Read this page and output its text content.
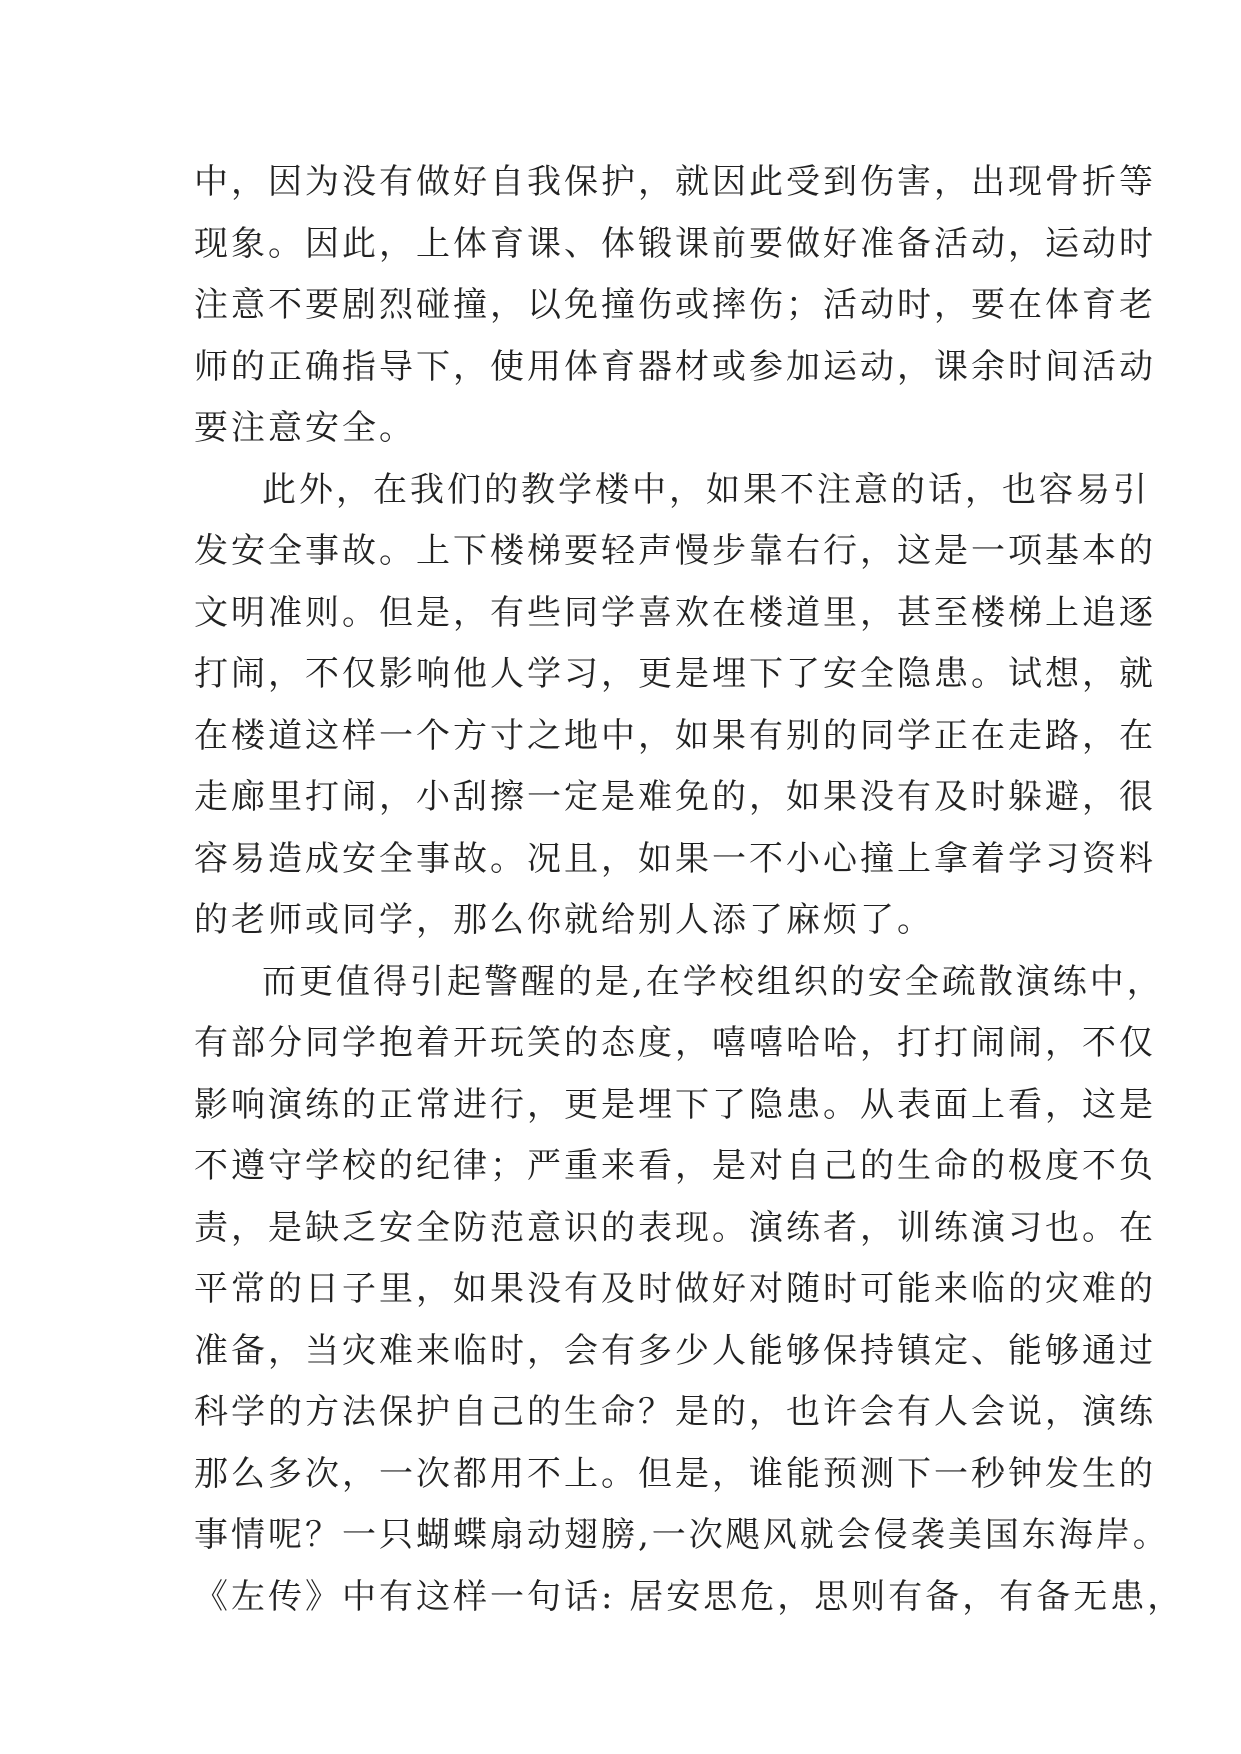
中，因为没有做好自我保护，就因此受到伤害，出现骨折等
现象。因此，上体育课、体锻课前要做好准备活动，运动时
注意不要剧烈碰撞，以免撞伤或摔伤；活动时，要在体育老
师的正确指导下，使用体育器材或参加运动，课余时间活动
要注意安全。
此外，在我们的教学楼中，如果不注意的话，也容易引
发安全事故。上下楼梯要轻声慢步靠右行，这是一项基本的
文明准则。但是，有些同学喜欢在楼道里，甚至楼梯上追逐
打闹，不仅影响他人学习，更是埋下了安全隐患。试想，就
在楼道这样一个方寸之地中，如果有别的同学正在走路，在
走廊里打闹，小刮擦一定是难免的，如果没有及时躲避，很
容易造成安全事故。况且，如果一不小心撞上拿着学习资料
的老师或同学，那么你就给别人添了麻烦了。
而更值得引起警醒的是,在学校组织的安全疏散演练中，
有部分同学抱着开玩笑的态度，嘻嘻哈哈，打打闹闹，不仅
影响演练的正常进行，更是埋下了隐患。从表面上看，这是
不遵守学校的纪律；严重来看，是对自己的生命的极度不负
责，是缺乏安全防范意识的表现。演练者，训练演习也。在
平常的日子里，如果没有及时做好对随时可能来临的灾难的
准备，当灾难来临时，会有多少人能够保持镇定、能够通过
科学的方法保护自己的生命？是的，也许会有人会说，演练
那么多次，一次都用不上。但是，谁能预测下一秒钟发生的
事情呢？一只蝴蝶扇动翅膀,一次飓风就会侵袭美国东海岸。
《左传》中有这样一句话: 居安思危，思则有备，有备无患，
